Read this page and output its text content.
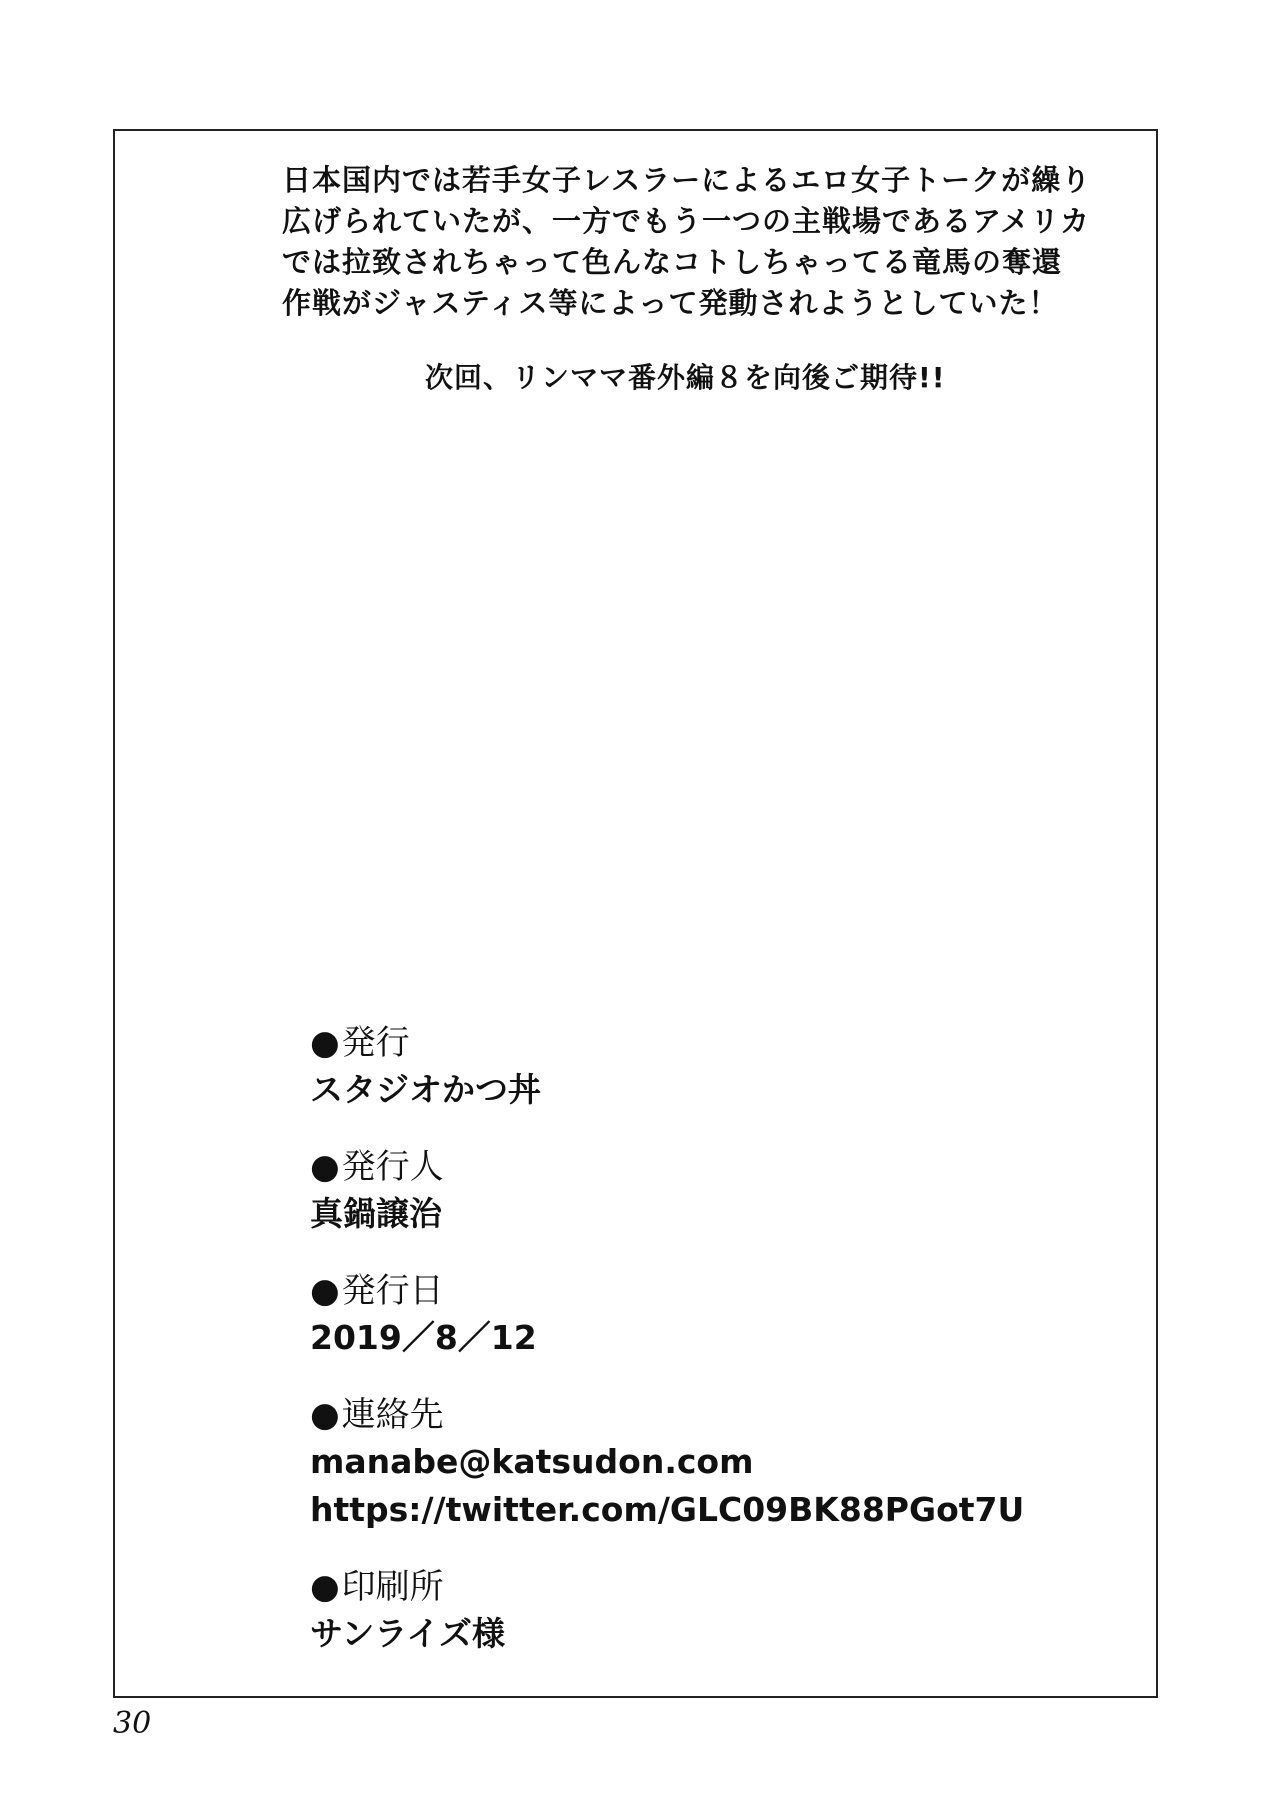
日本国内では若手女子レスラーによるエロ女子トークが繰り
広げられていたが、一方でもう一つの主戦場であるアメリカ
では拉致されちゃって色んなコトしちゃってる竜馬の奪還
作戦がジャスティス等によって発動されようとしていた！
次回、リンママ番外編８を向後ご期待!!
●発行
スタジオかつ丼
●発行人
真鍋譲治
●発行日
2019／8／12
●連絡先
manabe@katsudon.com
https://twitter.com/GLC09BK88PGot7U
●印刷所
サンライズ様
30
